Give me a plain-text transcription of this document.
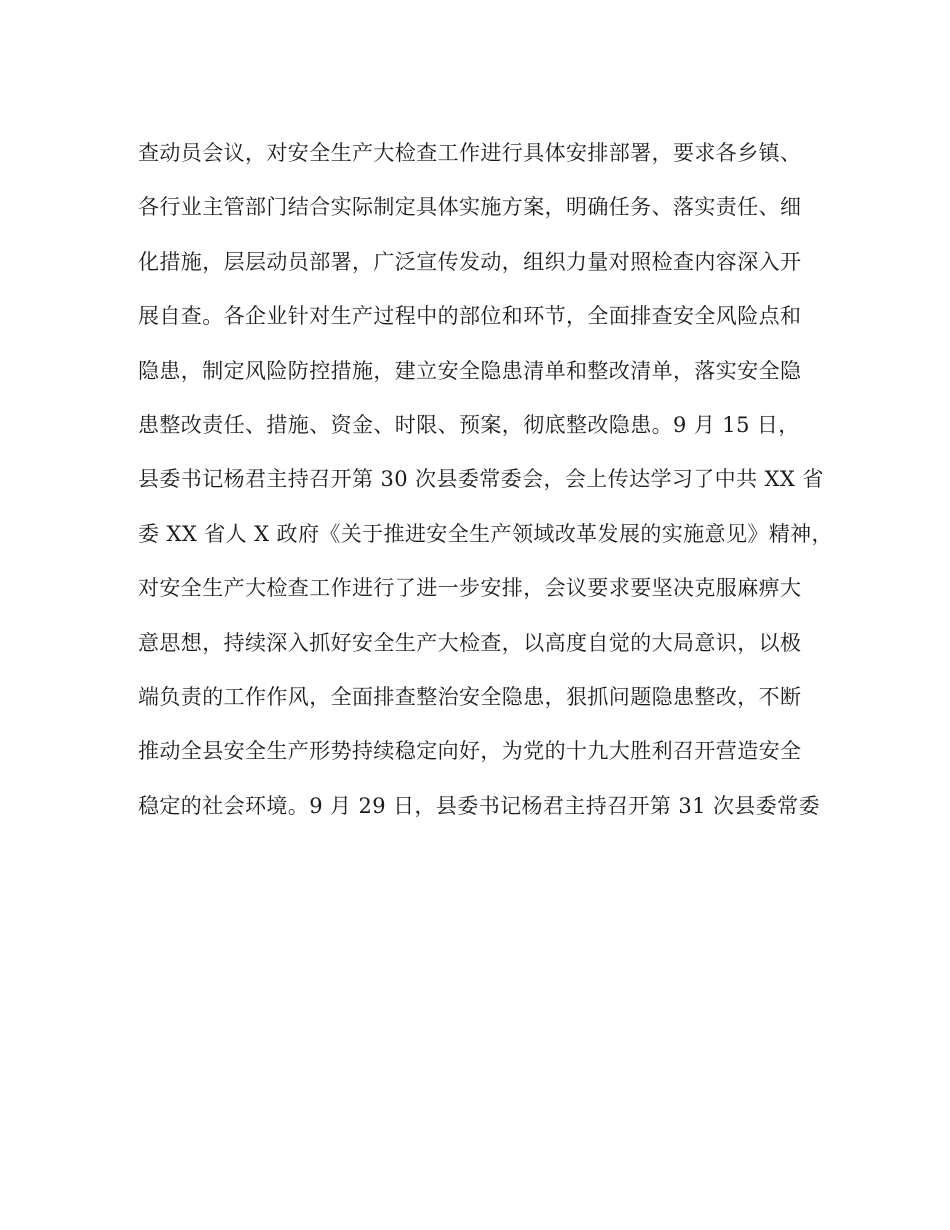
查动员会议，对安全生产大检查工作进行具体安排部署，要求各乡镇、
各行业主管部门结合实际制定具体实施方案，明确任务、落实责任、细
化措施，层层动员部署，广泛宣传发动，组织力量对照检查内容深入开
展自查。各企业针对生产过程中的部位和环节，全面排查安全风险点和
隐患，制定风险防控措施，建立安全隐患清单和整改清单，落实安全隐
患整改责任、措施、资金、时限、预案，彻底整改隐患。9 月 15 日，
县委书记杨君主持召开第 30 次县委常委会，会上传达学习了中共 XX 省
委 XX 省人 X 政府《关于推进安全生产领域改革发展的实施意见》精神，
对安全生产大检查工作进行了进一步安排，会议要求要坚决克服麻痹大
意思想，持续深入抓好安全生产大检查，以高度自觉的大局意识，以极
端负责的工作作风，全面排查整治安全隐患，狠抓问题隐患整改，不断
推动全县安全生产形势持续稳定向好，为党的十九大胜利召开营造安全
稳定的社会环境。9 月 29 日，县委书记杨君主持召开第 31 次县委常委
